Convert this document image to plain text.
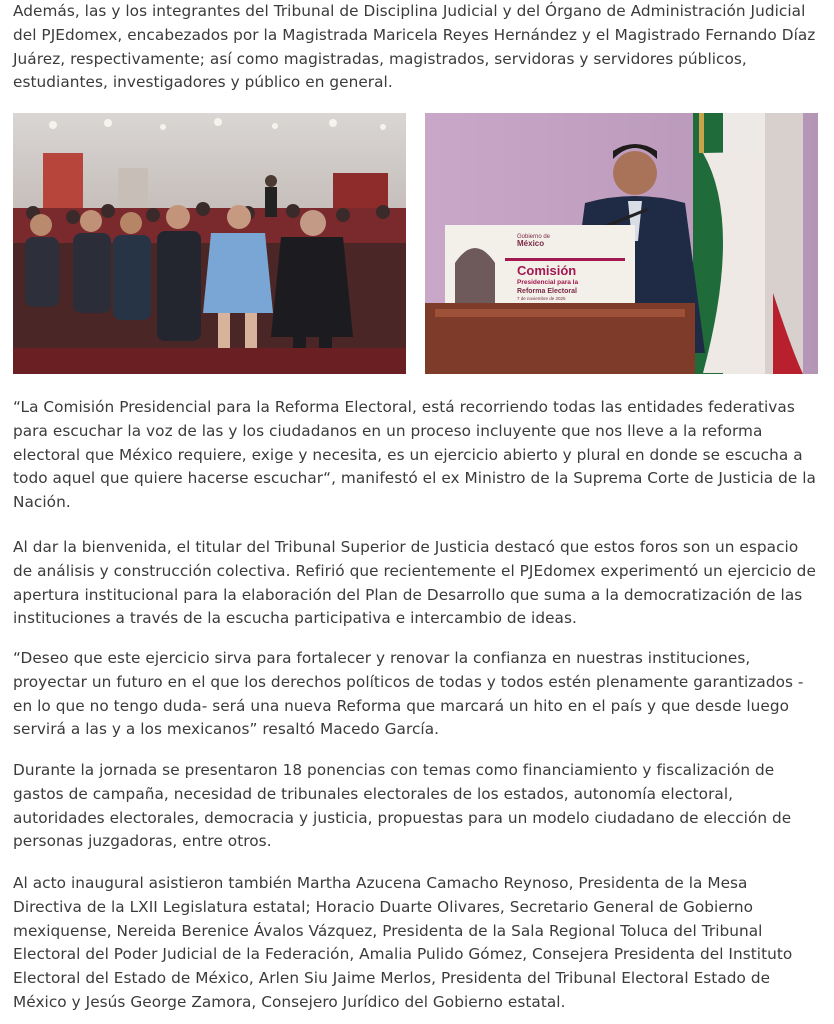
Además, las y los integrantes del Tribunal de Disciplina Judicial y del Órgano de Administración Judicial del PJEdomex, encabezados por la Magistrada Maricela Reyes Hernández y el Magistrado Fernando Díaz Juárez, respectivamente; así como magistradas, magistrados, servidoras y servidores públicos, estudiantes, investigadores y público en general.

Gobierno de
México
Comisión
Presidencial para la
Reforma Electoral
7 de noviembre de 2025

“La Comisión Presidencial para la Reforma Electoral, está recorriendo todas las entidades federativas para escuchar la voz de las y los ciudadanos en un proceso incluyente que nos lleve a la reforma electoral que México requiere, exige y necesita, es un ejercicio abierto y plural en donde se escucha a todo aquel que quiere hacerse escuchar“, manifestó el ex Ministro de la Suprema Corte de Justicia de la Nación.

Al dar la bienvenida, el titular del Tribunal Superior de Justicia destacó que estos foros son un espacio de análisis y construcción colectiva. Refirió que recientemente el PJEdomex experimentó un ejercicio de apertura institucional para la elaboración del Plan de Desarrollo que suma a la democratización de las instituciones a través de la escucha participativa e intercambio de ideas.

“Deseo que este ejercicio sirva para fortalecer y renovar la confianza en nuestras instituciones, proyectar un futuro en el que los derechos políticos de todas y todos estén plenamente garantizados - en lo que no tengo duda- será una nueva Reforma que marcará un hito en el país y que desde luego servirá a las y a los mexicanos” resaltó Macedo García.

Durante la jornada se presentaron 18 ponencias con temas como financiamiento y fiscalización de gastos de campaña, necesidad de tribunales electorales de los estados, autonomía electoral, autoridades electorales, democracia y justicia, propuestas para un modelo ciudadano de elección de personas juzgadoras, entre otros.

Al acto inaugural asistieron también Martha Azucena Camacho Reynoso, Presidenta de la Mesa Directiva de la LXII Legislatura estatal; Horacio Duarte Olivares, Secretario General de Gobierno mexiquense, Nereida Berenice Ávalos Vázquez, Presidenta de la Sala Regional Toluca del Tribunal Electoral del Poder Judicial de la Federación, Amalia Pulido Gómez, Consejera Presidenta del Instituto Electoral del Estado de México, Arlen Siu Jaime Merlos, Presidenta del Tribunal Electoral Estado de México y Jesús George Zamora, Consejero Jurídico del Gobierno estatal.
